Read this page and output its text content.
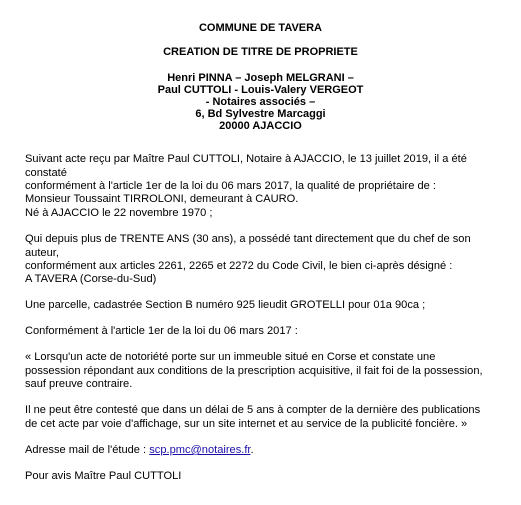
COMMUNE DE TAVERA
CREATION DE TITRE DE PROPRIETE
Henri PINNA – Joseph MELGRANI –
Paul CUTTOLI - Louis-Valery VERGEOT
- Notaires associés –
6, Bd Sylvestre Marcaggi
20000 AJACCIO
Suivant acte reçu par Maître Paul CUTTOLI, Notaire à AJACCIO, le 13 juillet 2019, il a été constaté
conformément à l'article 1er de la loi du 06 mars 2017, la qualité de propriétaire de :
Monsieur Toussaint TIRROLONI, demeurant à CAURO.
Né à AJACCIO le 22 novembre 1970 ;
Qui depuis plus de TRENTE ANS (30 ans), a possédé tant directement que du chef de son auteur,
conformément aux articles 2261, 2265 et 2272 du Code Civil, le bien ci-après désigné :
A TAVERA (Corse-du-Sud)
Une parcelle, cadastrée Section B numéro 925 lieudit GROTELLI pour 01a 90ca ;
Conformément à l'article 1er de la loi du 06 mars 2017 :
« Lorsqu'un acte de notoriété porte sur un immeuble situé en Corse et constate une
possession répondant aux conditions de la prescription acquisitive, il fait foi de la possession,
sauf preuve contraire.
Il ne peut être contesté que dans un délai de 5 ans à compter de la dernière des publications
de cet acte par voie d'affichage, sur un site internet et au service de la publicité foncière. »
Adresse mail de l'étude : scp.pmc@notaires.fr.
Pour avis Maître Paul CUTTOLI
